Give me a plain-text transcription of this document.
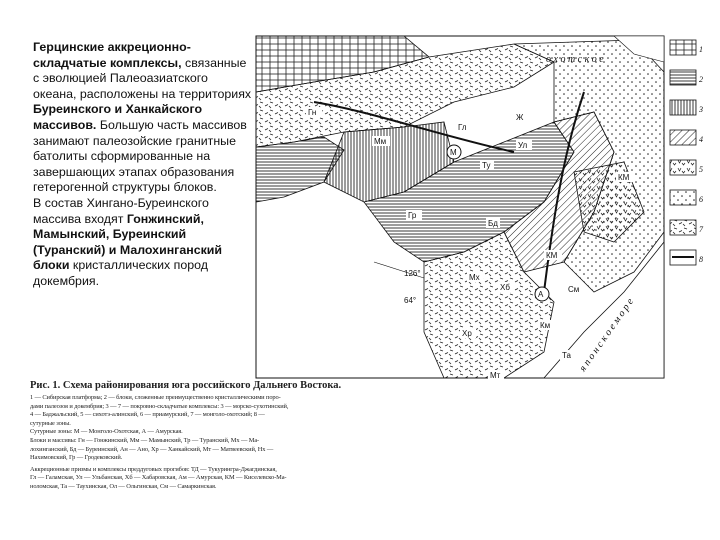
Герцинские аккреционно-складчатые комплексы, связанные с эволюцией Палеоазиатского океана, расположены на территориях Буреинского и Ханкайского массивов. Большую часть массивов занимают палеозойские гранитные батолиты сформированные на завершающих этапах образования гетерогенной структуры блоков.

В состав Хингано-Буреинского массива входят Гонжинский, Мамынский, Буреинский (Туранский) и Малохинганский блоки кристаллических пород докембрия.

о х о т с к о е
я п о н с к о е м о р е
126°
64°
Гн
Гл
Мм
М
Ул
Ту
Гр
Бд
КМ
КМ
Км
Мх
Хб
А
См
Хр
Мт
Та
Ж
1
2
3
4
5
6
7
8

Рис. 1. Схема районирования юга российского Дальнего Востока.

1 — Сибирская платформа; 2 — блоки, сложенные преимущественно кристаллическими поро-

дами палеозоя и докембрия; 3 — 7 — покровно-складчатые комплексы: 3 — морско-сухотинский,

4 — Баджальский, 5 — сихотэ-алинский, 6 — приамурский, 7 — монголо-охотский; 8 —

сутурные зоны.

Сутурные зоны: М — Монголо-Охотская, А — Амурская.

Блоки и массивы: Гн — Гонжинский, Мм — Мамынский, Тр — Туранский, Мх — Ма-

лохинганский, Бд — Буреинский, Ан — Ано, Хр — Ханкайский, Мт — Матвеевский, Нх —

Нахимовский, Гр — Гродековский.

Аккреционные призмы и комплексы преддуговых прогибов: ТД — Тукурингра-Джагдинская,

Гл — Галамская, Ул — Ульбанская, Хб — Хабаровская, Ам — Амурская, КМ — Киселевско-Ма-

ноломская, Та — Таухинская, Ол — Ольгинская, См — Самаркинская.
